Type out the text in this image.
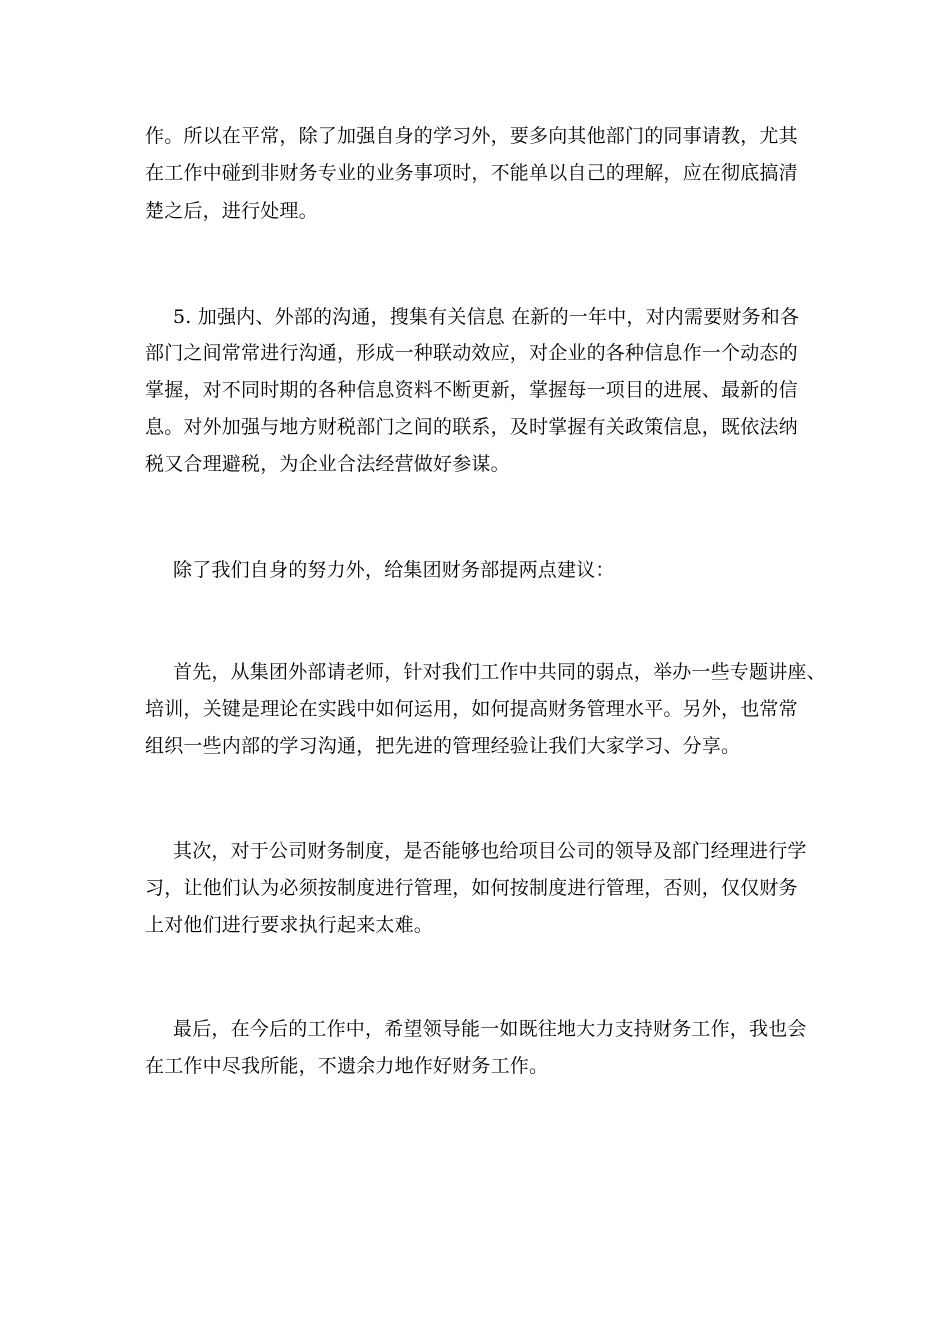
作。所以在平常，除了加强自身的学习外，要多向其他部门的同事请教，尤其
在工作中碰到非财务专业的业务事项时，不能单以自己的理解，应在彻底搞清
楚之后，进行处理。
5. 加强内、外部的沟通，搜集有关信息 在新的一年中，对内需要财务和各
部门之间常常进行沟通，形成一种联动效应，对企业的各种信息作一个动态的
掌握，对不同时期的各种信息资料不断更新，掌握每一项目的进展、最新的信
息。对外加强与地方财税部门之间的联系，及时掌握有关政策信息，既依法纳
税又合理避税，为企业合法经营做好参谋。
除了我们自身的努力外，给集团财务部提两点建议：
首先，从集团外部请老师，针对我们工作中共同的弱点，举办一些专题讲座、
培训，关键是理论在实践中如何运用，如何提高财务管理水平。另外，也常常
组织一些内部的学习沟通，把先进的管理经验让我们大家学习、分享。
其次，对于公司财务制度，是否能够也给项目公司的领导及部门经理进行学
习，让他们认为必须按制度进行管理，如何按制度进行管理，否则，仅仅财务
上对他们进行要求执行起来太难。
最后，在今后的工作中，希望领导能一如既往地大力支持财务工作，我也会
在工作中尽我所能，不遗余力地作好财务工作。
